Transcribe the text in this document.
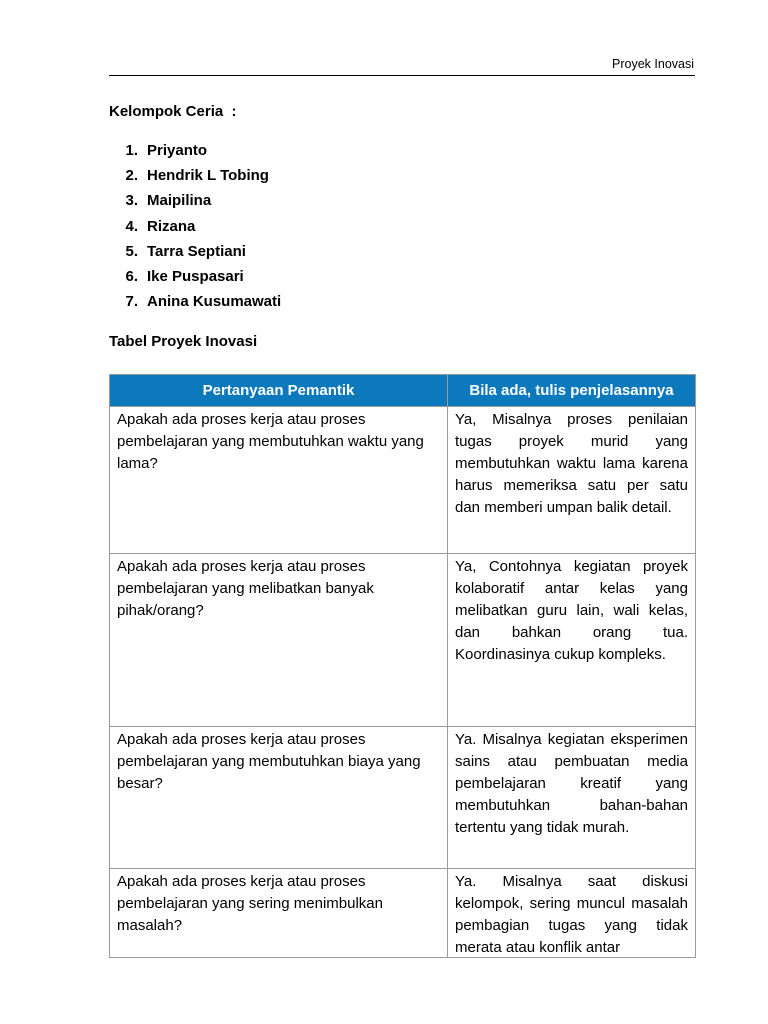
Proyek Inovasi
Kelompok Ceria  :
1. Priyanto
2. Hendrik L Tobing
3. Maipilina
4. Rizana
5. Tarra Septiani
6. Ike Puspasari
7. Anina Kusumawati
Tabel Proyek Inovasi
Pertanyaan Pemantik	Bila ada, tulis penjelasannya
Apakah ada proses kerja atau proses pembelajaran yang membutuhkan waktu yang lama?	Ya, Misalnya proses penilaian tugas proyek murid yang membutuhkan waktu lama karena harus memeriksa satu per satu dan memberi umpan balik detail.
Apakah ada proses kerja atau proses pembelajaran yang melibatkan banyak pihak/orang?	Ya, Contohnya kegiatan proyek kolaboratif antar kelas yang melibatkan guru lain, wali kelas, dan bahkan orang tua. Koordinasinya cukup kompleks.
Apakah ada proses kerja atau proses pembelajaran yang membutuhkan biaya yang besar?	Ya. Misalnya kegiatan eksperimen sains atau pembuatan media pembelajaran kreatif yang membutuhkan bahan-bahan tertentu yang tidak murah.
Apakah ada proses kerja atau proses pembelajaran yang sering menimbulkan masalah?	Ya. Misalnya saat diskusi kelompok, sering muncul masalah pembagian tugas yang tidak merata atau konflik antar
